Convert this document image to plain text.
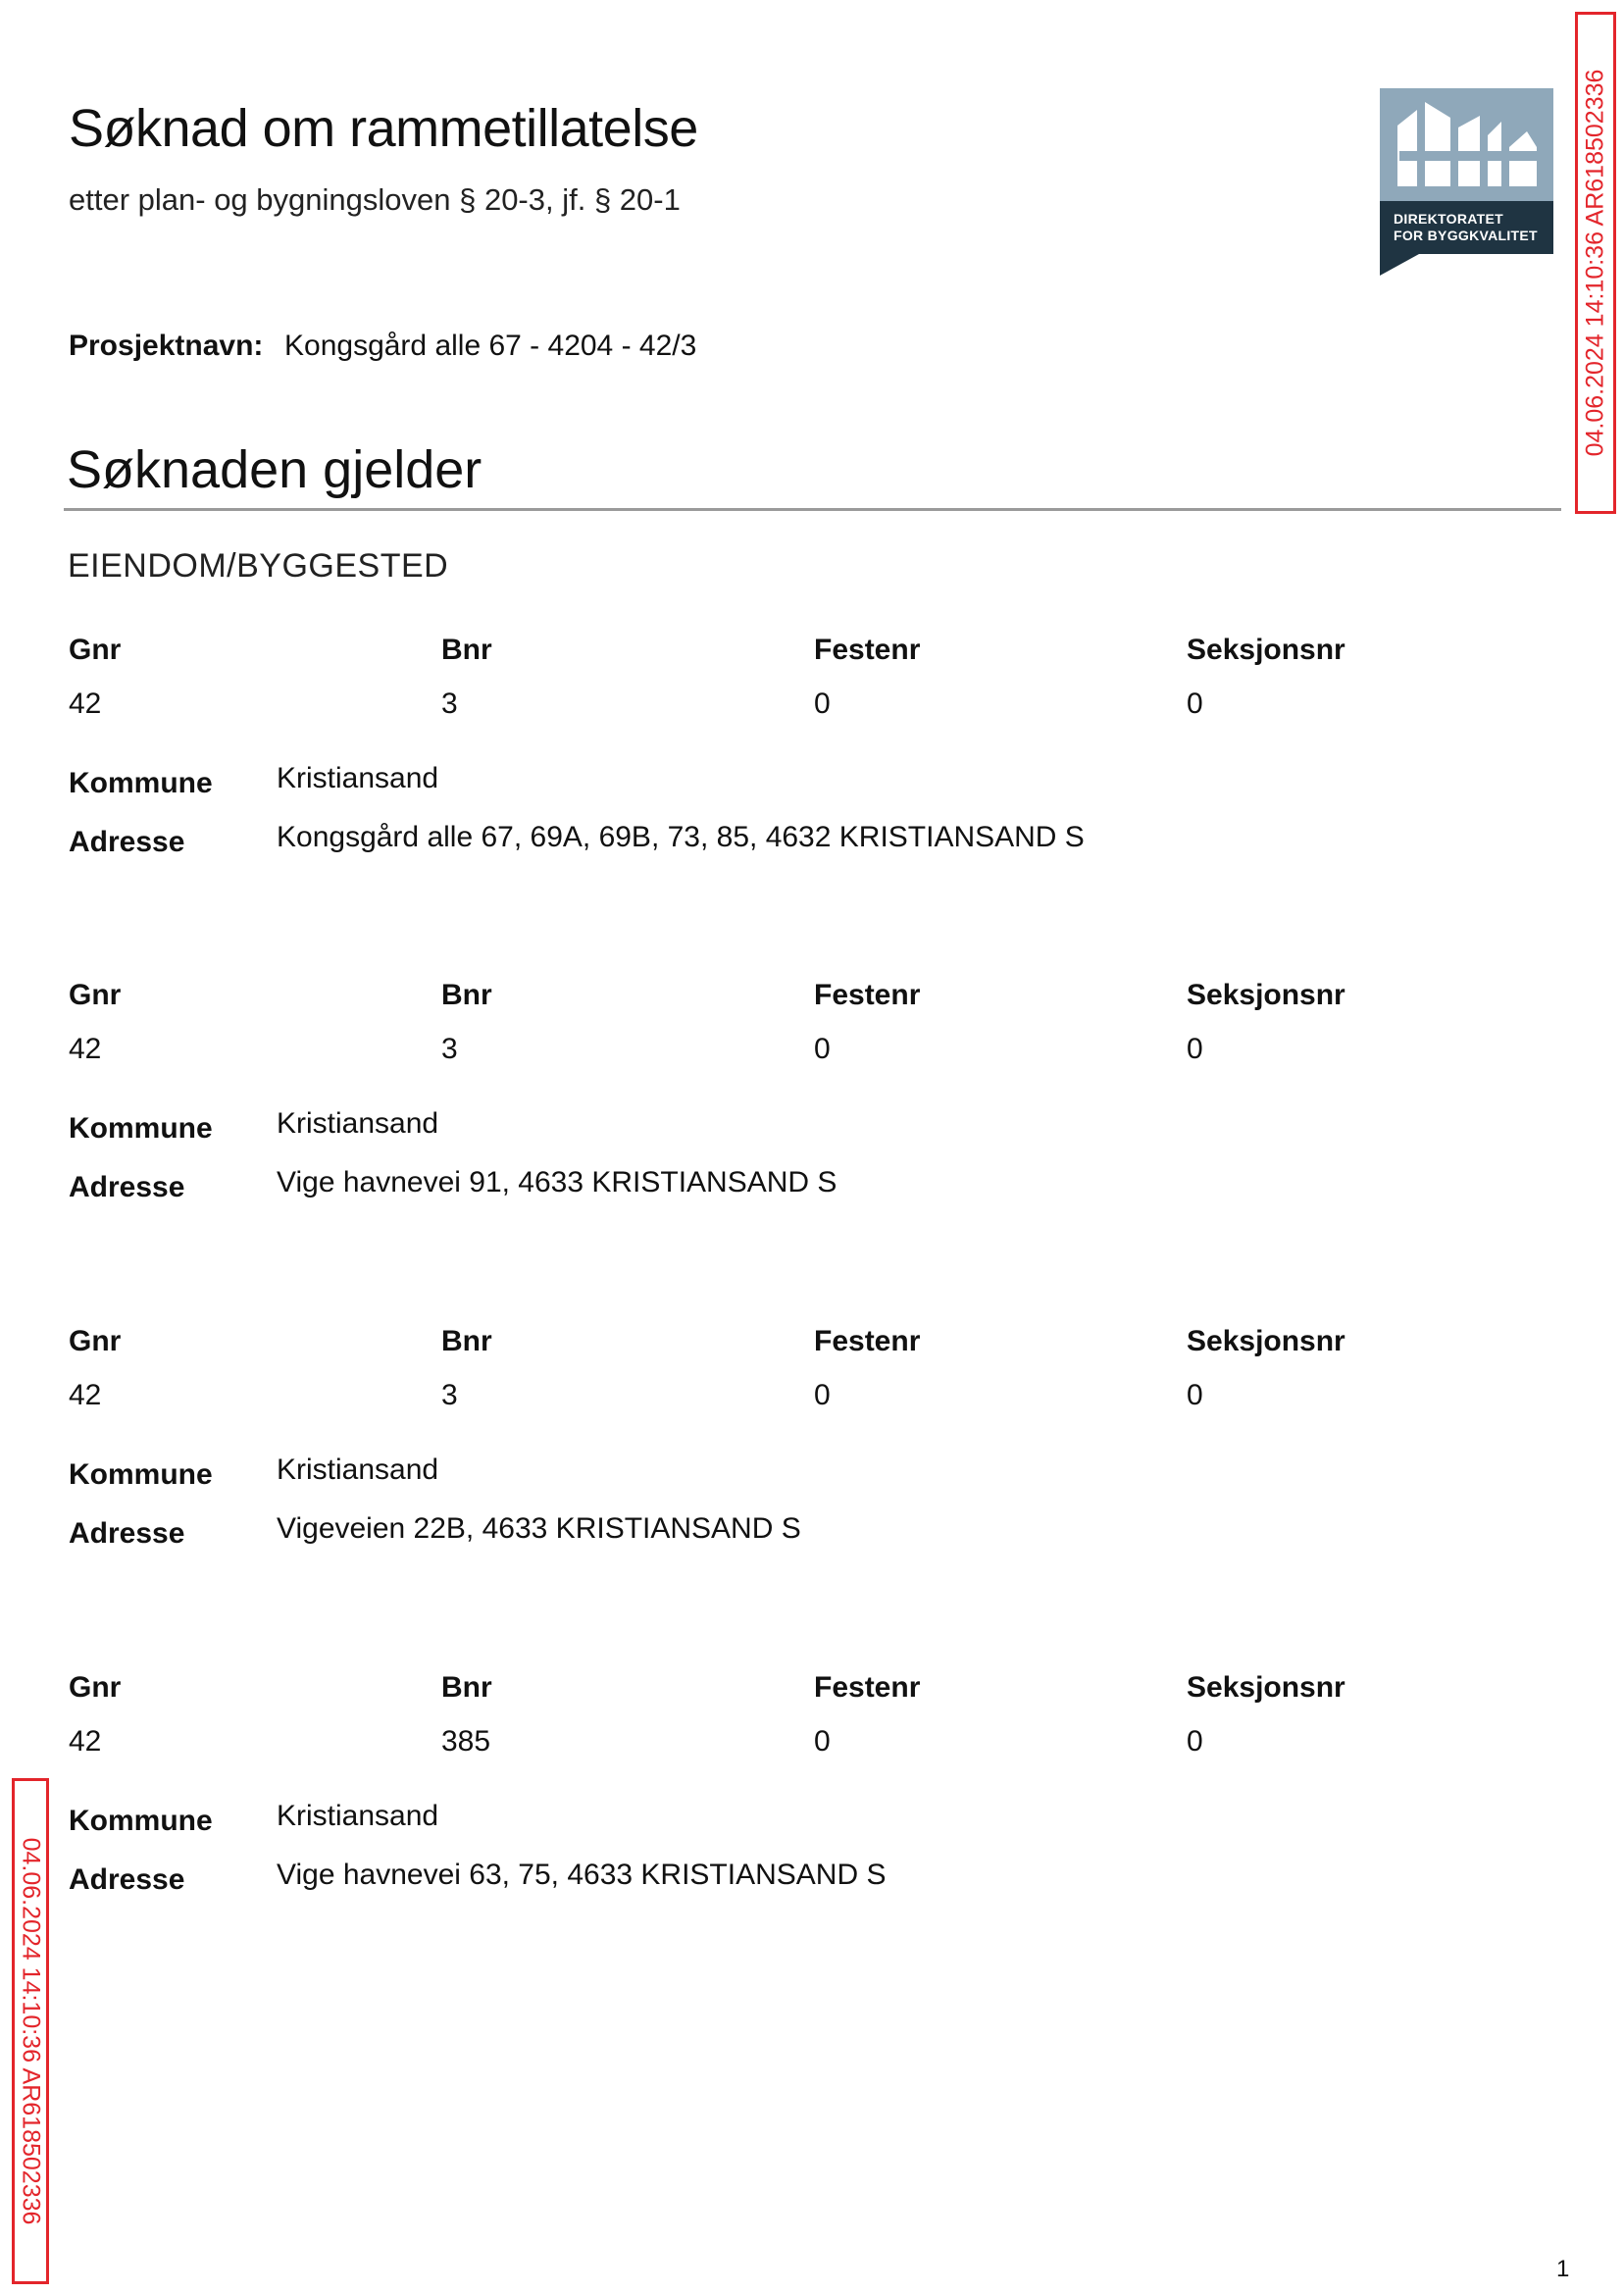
Søknad om rammetillatelse
etter plan- og bygningsloven § 20-3, jf. § 20-1
DIREKTORATET
FOR BYGGKVALITET	04.06.2024 14:10:36 AR618502336
04.06.2024 14:10:36 AR618502336
Prosjektnavn: Kongsgård alle 67 - 4204 - 42/3
Søknaden gjelder
EIENDOM/BYGGESTED
Gnr	Bnr	Festenr	Seksjonsnr
42	3	0	0
Kommune Kristiansand
Adresse	Kongsgård alle 67, 69A, 69B, 73, 85, 4632 KRISTIANSAND S
Gnr	Bnr	Festenr	Seksjonsnr
42	3	0	0
Kommune Kristiansand
Adresse	Vige havnevei 91, 4633 KRISTIANSAND S
Gnr	Bnr	Festenr	Seksjonsnr
42	3	0	0
Kommune Kristiansand
Adresse	Vigeveien 22B, 4633 KRISTIANSAND S
Gnr	Bnr	Festenr	Seksjonsnr
42	385	0	0
Kommune Kristiansand
Adresse	Vige havnevei 63, 75, 4633 KRISTIANSAND S
1
